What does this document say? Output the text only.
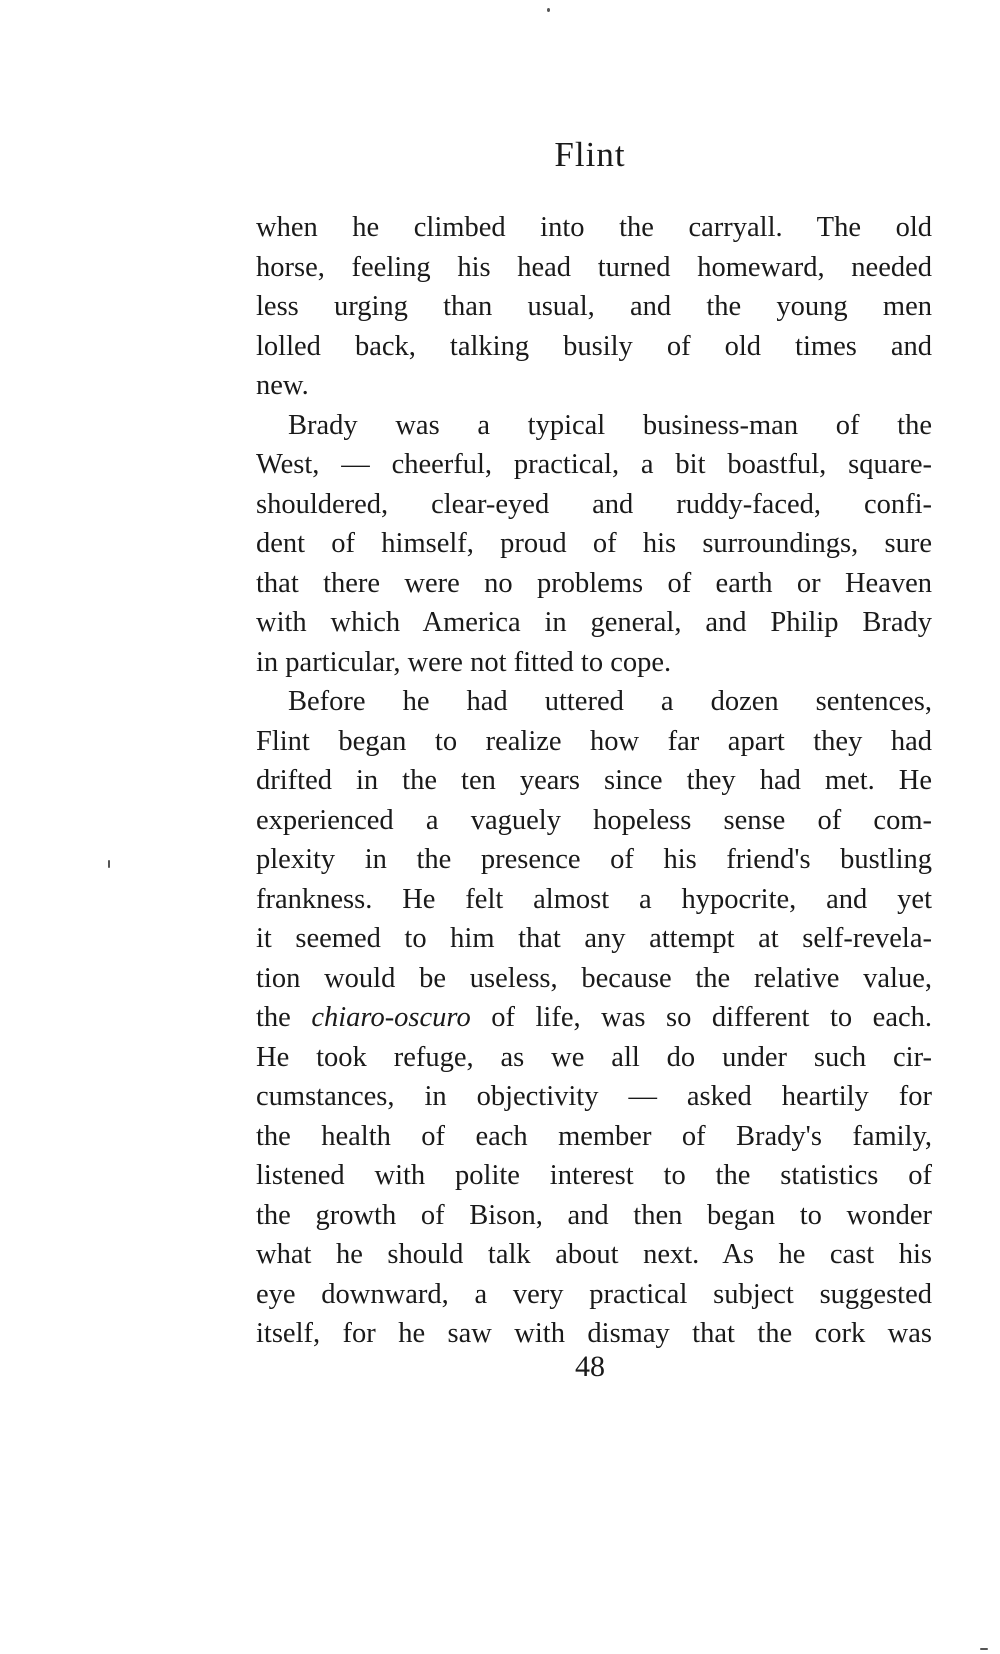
Flint
when he climbed into the carryall. The old
horse, feeling his head turned homeward, needed
less urging than usual, and the young men
lolled back, talking busily of old times and
new.
Brady was a typical business-man of the
West, — cheerful, practical, a bit boastful, square-
shouldered, clear-eyed and ruddy-faced, confi-
dent of himself, proud of his surroundings, sure
that there were no problems of earth or Heaven
with which America in general, and Philip Brady
in particular, were not fitted to cope.
Before he had uttered a dozen sentences,
Flint began to realize how far apart they had
drifted in the ten years since they had met. He
experienced a vaguely hopeless sense of com-
plexity in the presence of his friend's bustling
frankness. He felt almost a hypocrite, and yet
it seemed to him that any attempt at self-revela-
tion would be useless, because the relative value,
the chiaro-oscuro of life, was so different to each.
He took refuge, as we all do under such cir-
cumstances, in objectivity — asked heartily for
the health of each member of Brady's family,
listened with polite interest to the statistics of
the growth of Bison, and then began to wonder
what he should talk about next. As he cast his
eye downward, a very practical subject suggested
itself, for he saw with dismay that the cork was
48
